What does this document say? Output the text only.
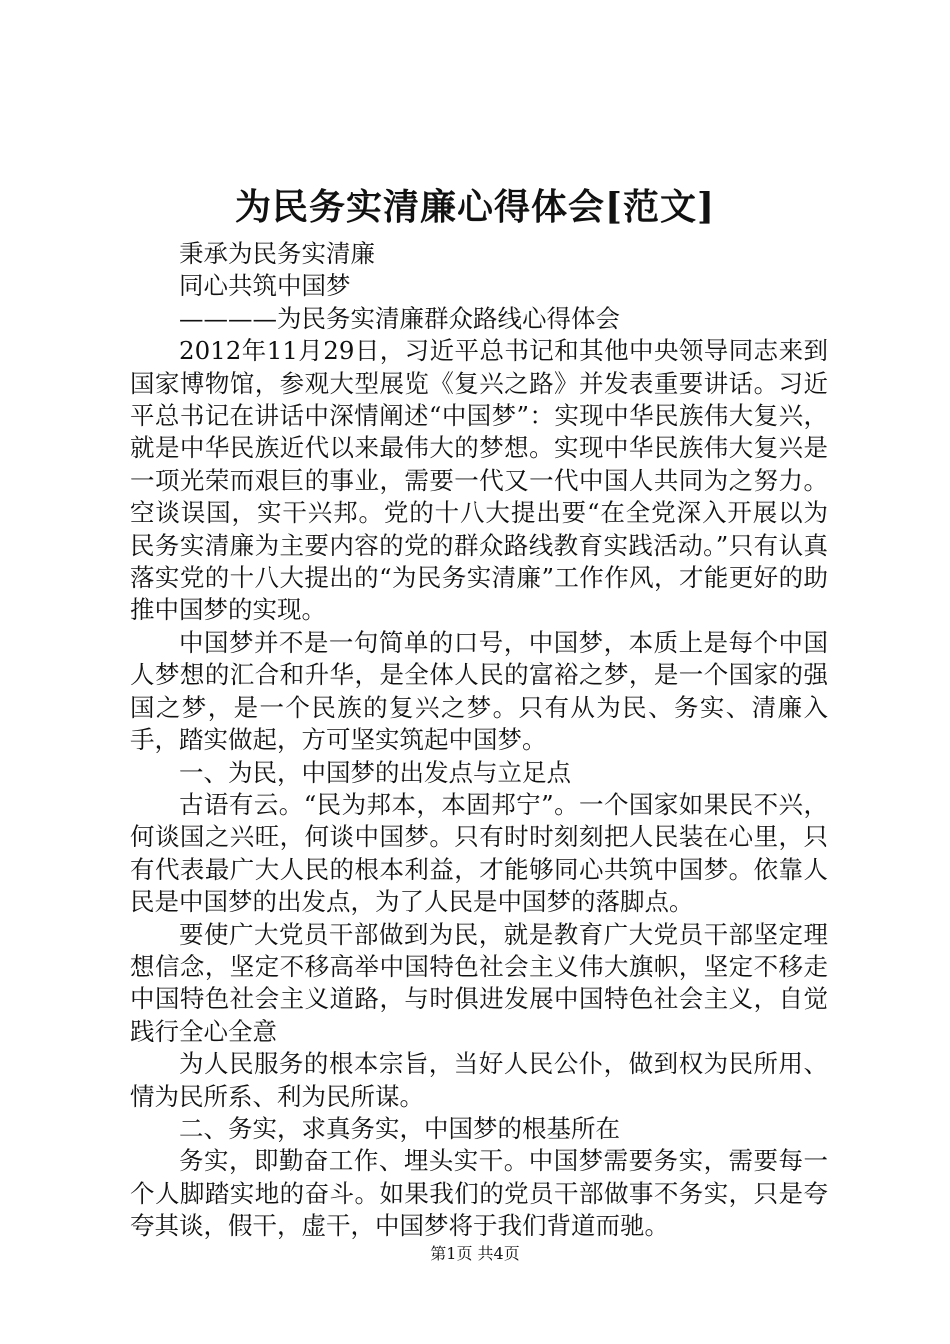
为民务实清廉心得体会[范文]

秉承为民务实清廉

同心共筑中国梦

————为民务实清廉群众路线心得体会

2012年11月29日，习近平总书记和其他中央领导同志来到国家博物馆，参观大型展览《复兴之路》并发表重要讲话。习近平总书记在讲话中深情阐述“中国梦”：实现中华民族伟大复兴，就是中华民族近代以来最伟大的梦想。实现中华民族伟大复兴是一项光荣而艰巨的事业，需要一代又一代中国人共同为之努力。空谈误国，实干兴邦。党的十八大提出要“在全党深入开展以为民务实清廉为主要内容的党的群众路线教育实践活动。”只有认真落实党的十八大提出的“为民务实清廉”工作作风，才能更好的助推中国梦的实现。

中国梦并不是一句简单的口号，中国梦，本质上是每个中国人梦想的汇合和升华，是全体人民的富裕之梦，是一个国家的强国之梦，是一个民族的复兴之梦。只有从为民、务实、清廉入手，踏实做起，方可坚实筑起中国梦。

一、为民，中国梦的出发点与立足点

古语有云。“民为邦本，本固邦宁”。一个国家如果民不兴，何谈国之兴旺，何谈中国梦。只有时时刻刻把人民装在心里，只有代表最广大人民的根本利益，才能够同心共筑中国梦。依靠人民是中国梦的出发点，为了人民是中国梦的落脚点。

要使广大党员干部做到为民，就是教育广大党员干部坚定理想信念，坚定不移高举中国特色社会主义伟大旗帜，坚定不移走中国特色社会主义道路，与时俱进发展中国特色社会主义，自觉践行全心全意

为人民服务的根本宗旨，当好人民公仆，做到权为民所用、情为民所系、利为民所谋。

二、务实，求真务实，中国梦的根基所在

务实，即勤奋工作、埋头实干。中国梦需要务实，需要每一个人脚踏实地的奋斗。如果我们的党员干部做事不务实，只是夸夸其谈，假干，虚干，中国梦将于我们背道而驰。

第1页 共4页
